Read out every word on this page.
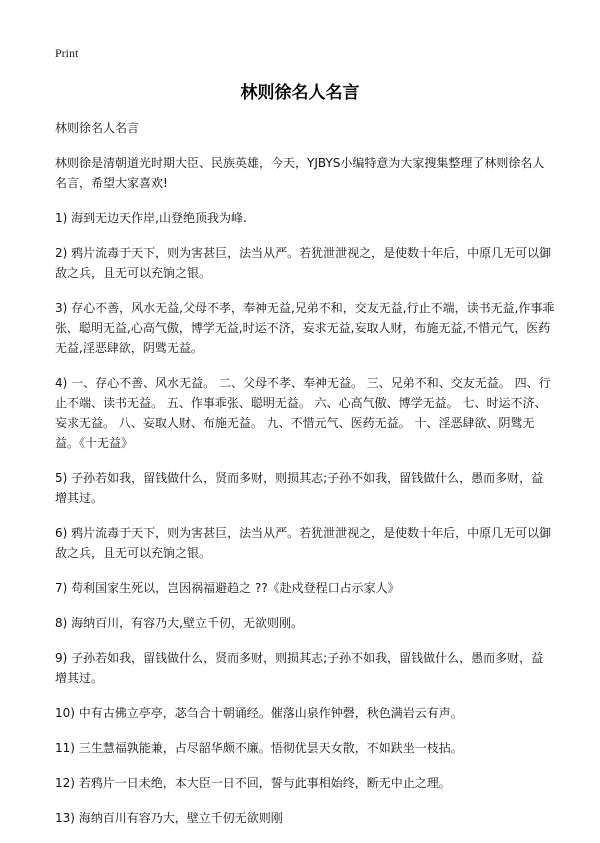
Print
林则徐名人名言

林则徐名人名言

林则徐是清朝道光时期大臣、民族英雄，今天，YJBYS小编特意为大家搜集整理了林则徐名人名言，希望大家喜欢!

1) 海到无边天作岸,山登绝顶我为峰.

2) 鸦片流毒于天下，则为害甚巨，法当从严。若犹泄泄视之，是使数十年后，中原几无可以御敌之兵，且无可以充饷之银。

3) 存心不善，风水无益,父母不孝，奉神无益,兄弟不和，交友无益,行止不端，读书无益,作事乖张，聪明无益,心高气傲，博学无益,时运不济，妄求无益,妄取人财，布施无益,不惜元气，医药无益,淫恶肆欲，阴骘无益。

4) 一、存心不善、风水无益。 二、父母不孝、奉神无益。 三、兄弟不和、交友无益。 四、行止不端、读书无益。 五、作事乖张、聪明无益。 六、心高气傲、博学无益。 七、时运不济、妄求无益。 八、妄取人财、布施无益。 九、不惜元气、医药无益。 十、淫恶肆欲、阴骘无益。《十无益》

5) 子孙若如我，留钱做什么，贤而多财，则损其志;子孙不如我，留钱做什么，愚而多财，益增其过。

6) 鸦片流毒于天下，则为害甚巨，法当从严。若犹泄泄视之，是使数十年后，中原几无可以御敌之兵，且无可以充饷之银。

7) 苟利国家生死以，岂因祸福避趋之 ??《赴戍登程口占示家人》

8) 海纳百川，有容乃大,壁立千仞，无欲则刚。

9) 子孙若如我，留钱做什么，贤而多财，则损其志;子孙不如我，留钱做什么，愚而多财，益增其过。

10) 中有古佛立亭亭，苾刍合十朝诵经。催落山泉作钟磬，秋色满岩云有声。

11) 三生慧福孰能兼，占尽韶华颇不廉。悟彻优昙天女散，不如趺坐一枝拈。

12) 若鸦片一日未绝，本大臣一日不回，誓与此事相始终，断无中止之理。

13) 海纳百川有容乃大，壁立千仞无欲则刚
